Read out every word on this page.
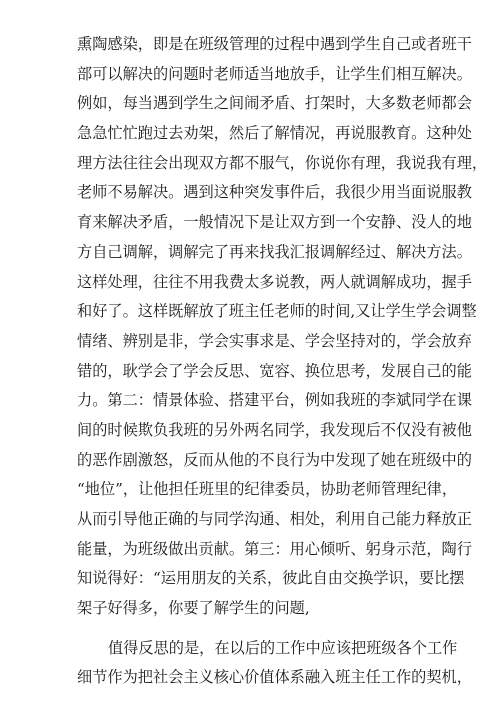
熏陶感染，即是在班级管理的过程中遇到学生自己或者班干
部可以解决的问题时老师适当地放手，让学生们相互解决。
例如，每当遇到学生之间闹矛盾、打架时，大多数老师都会
急急忙忙跑过去劝架，然后了解情况，再说服教育。这种处
理方法往往会出现双方都不服气，你说你有理，我说我有理，
老师不易解决。遇到这种突发事件后，我很少用当面说服教
育来解决矛盾，一般情况下是让双方到一个安静、没人的地
方自己调解，调解完了再来找我汇报调解经过、解决方法。
这样处理，往往不用我费太多说教，两人就调解成功，握手
和好了。这样既解放了班主任老师的时间,又让学生学会调整
情绪、辨别是非，学会实事求是、学会坚持对的，学会放弃
错的，耿学会了学会反思、宽容、换位思考，发展自己的能
力。第二：情景体验、搭建平台，例如我班的李斌同学在课
间的时候欺负我班的另外两名同学，我发现后不仅没有被他
的恶作剧激怒，反而从他的不良行为中发现了她在班级中的
“地位”，让他担任班里的纪律委员，协助老师管理纪律，
从而引导他正确的与同学沟通、相处，利用自己能力释放正
能量，为班级做出贡献。第三：用心倾听、躬身示范，陶行
知说得好：“运用朋友的关系，彼此自由交换学识，要比摆
架子好得多，你要了解学生的问题,
值得反思的是，在以后的工作中应该把班级各个工作
细节作为把社会主义核心价值体系融入班主任工作的契机，
